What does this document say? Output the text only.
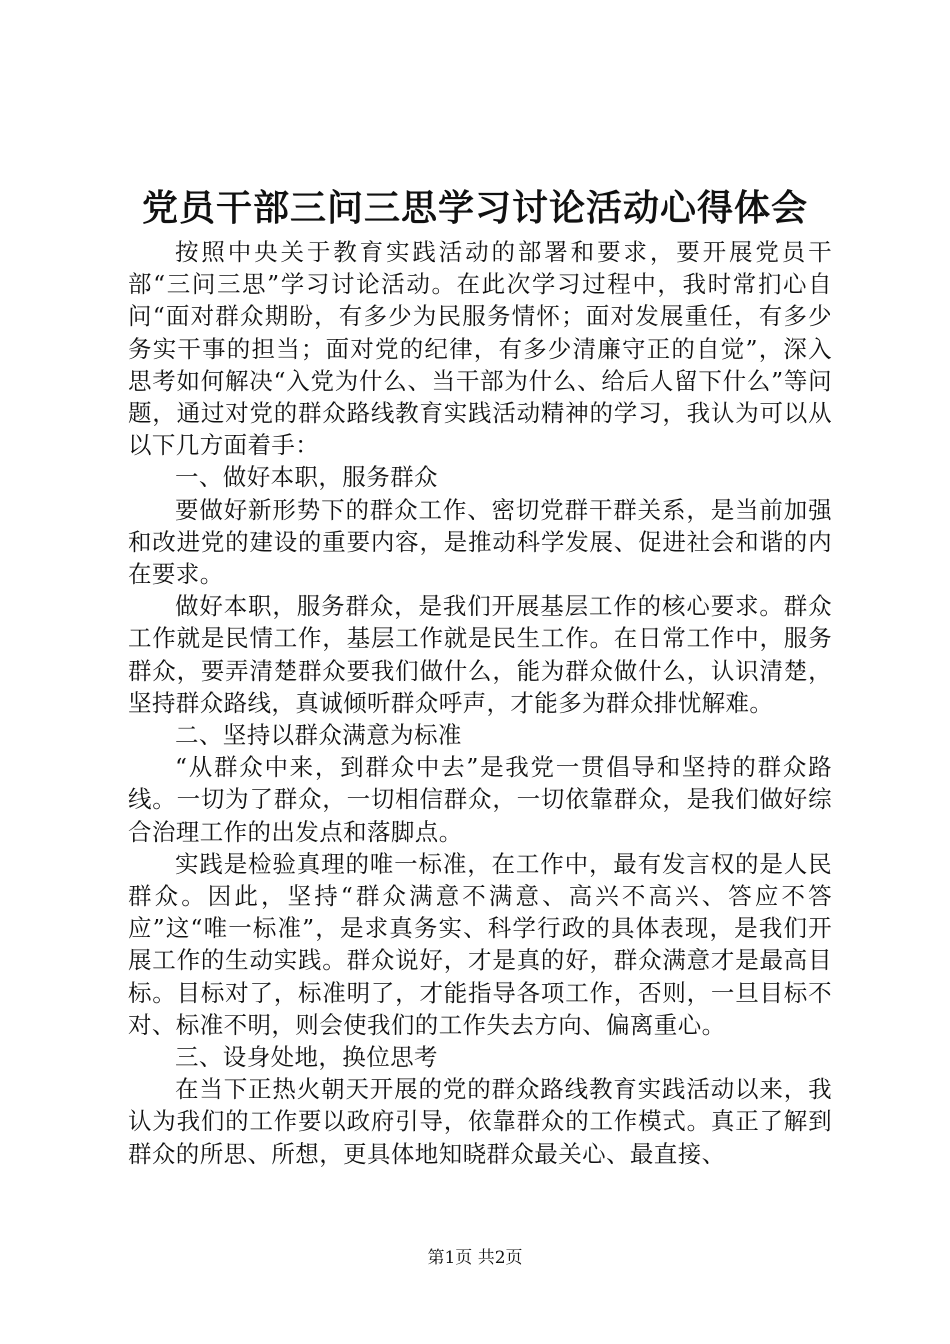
党员干部三问三思学习讨论活动心得体会

按照中央关于教育实践活动的部署和要求，要开展党员干部“三问三思”学习讨论活动。在此次学习过程中，我时常扪心自问“面对群众期盼，有多少为民服务情怀；面对发展重任，有多少务实干事的担当；面对党的纪律，有多少清廉守正的自觉”，深入思考如何解决“入党为什么、当干部为什么、给后人留下什么”等问题，通过对党的群众路线教育实践活动精神的学习，我认为可以从以下几方面着手：

一、做好本职，服务群众

要做好新形势下的群众工作、密切党群干群关系，是当前加强和改进党的建设的重要内容，是推动科学发展、促进社会和谐的内在要求。

做好本职，服务群众，是我们开展基层工作的核心要求。群众工作就是民情工作，基层工作就是民生工作。在日常工作中，服务群众，要弄清楚群众要我们做什么，能为群众做什么，认识清楚，坚持群众路线，真诚倾听群众呼声，才能多为群众排忧解难。

二、坚持以群众满意为标准

“从群众中来，到群众中去”是我党一贯倡导和坚持的群众路线。一切为了群众，一切相信群众，一切依靠群众，是我们做好综合治理工作的出发点和落脚点。

实践是检验真理的唯一标准，在工作中，最有发言权的是人民群众。因此，坚持“群众满意不满意、高兴不高兴、答应不答应”这“唯一标准”，是求真务实、科学行政的具体表现，是我们开展工作的生动实践。群众说好，才是真的好，群众满意才是最高目标。目标对了，标准明了，才能指导各项工作，否则，一旦目标不对、标准不明，则会使我们的工作失去方向、偏离重心。

三、设身处地，换位思考

在当下正热火朝天开展的党的群众路线教育实践活动以来，我认为我们的工作要以政府引导，依靠群众的工作模式。真正了解到群众的所思、所想，更具体地知晓群众最关心、最直接、

第1页 共2页
